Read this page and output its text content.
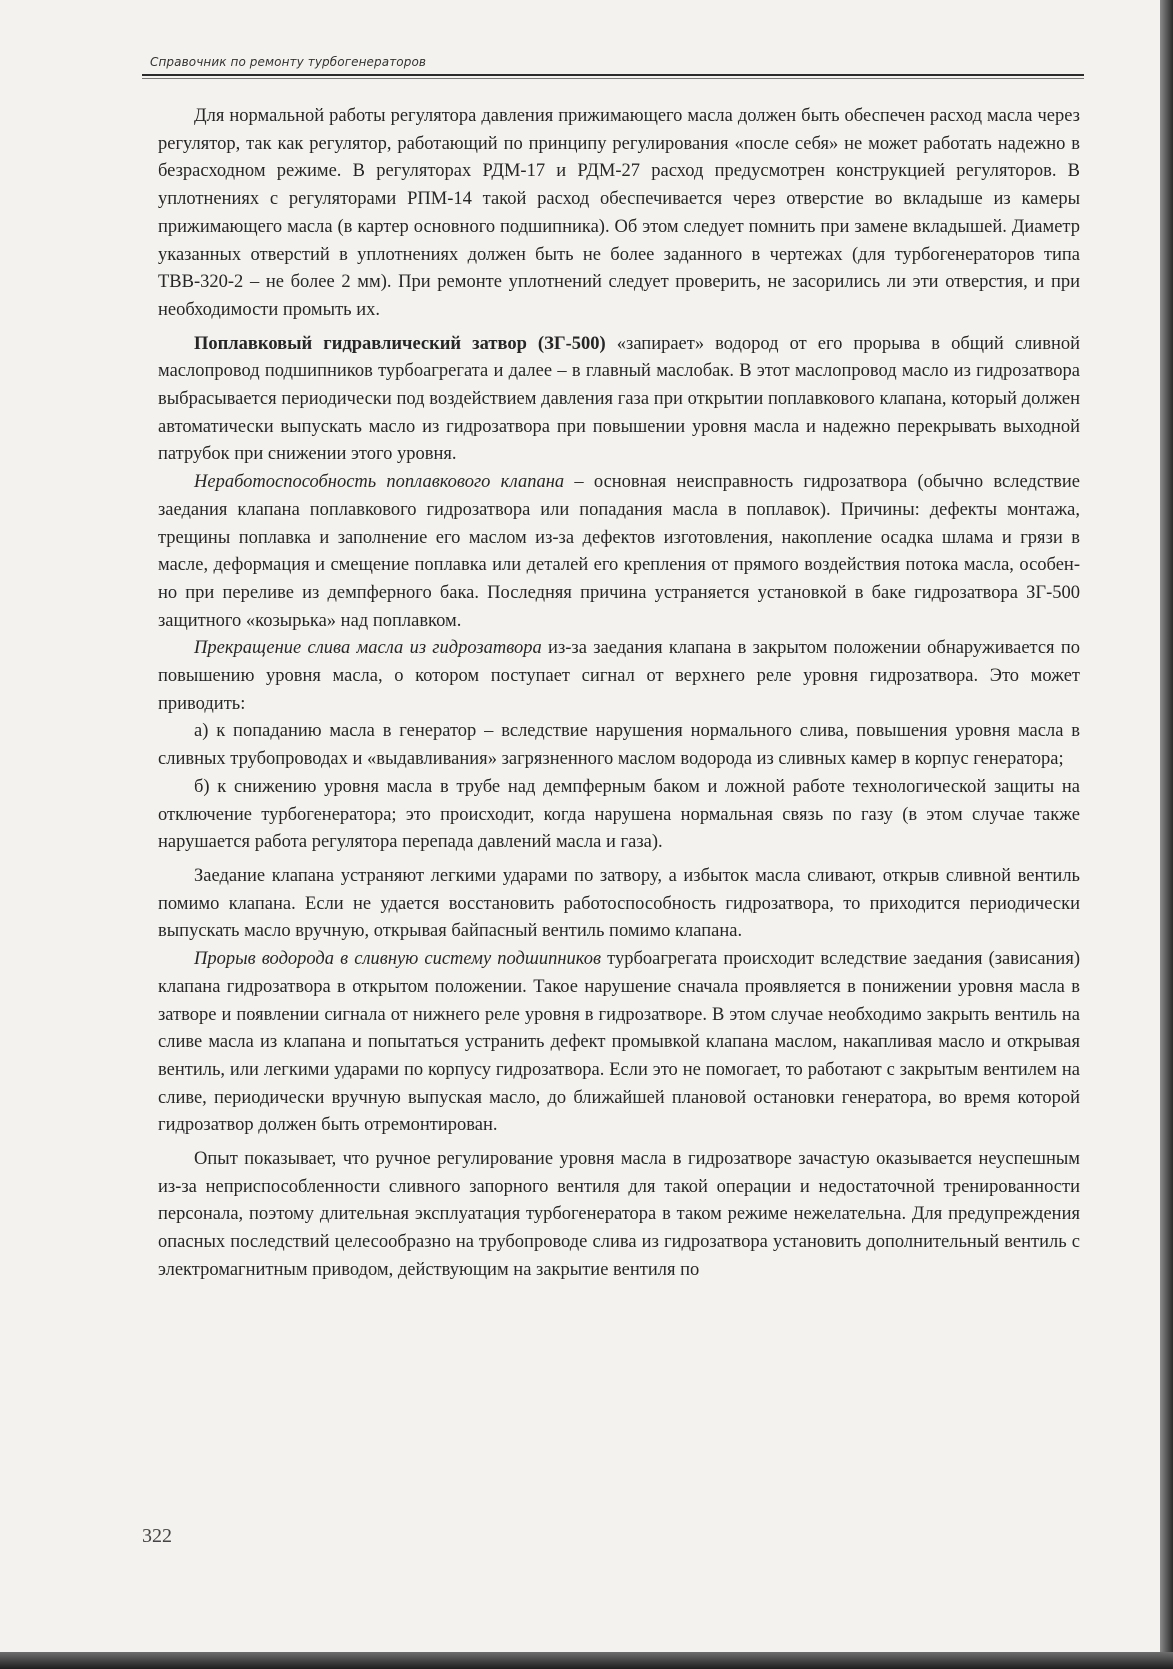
Справочник по ремонту турбогенераторов

Для нормальной работы регулятора давления прижимающего масла должен быть обеспечен расход масла через регулятор, так как регулятор, работающий по принципу регулирования «после себя» не может работать надежно в безрасходном режиме. В регуляторах РДМ-17 и РДМ-27 расход предусмотрен конструкцией регуляторов. В уплотнениях с регуляторами РПМ-14 такой расход обеспечивается через отверстие во вкладыше из камеры прижимающего масла (в картер основного подшипника). Об этом следует помнить при замене вкладышей. Диаметр указанных отверстий в уплотнениях должен быть не более заданного в чертежах (для турбогенераторов типа ТВВ-320-2 – не более 2 мм). При ремонте уплотнений следует проверить, не засорились ли эти отверстия, и при необходимости промыть их.

Поплавковый гидравлический затвор (ЗГ-500) «запирает» водород от его прорыва в общий сливной маслопровод подшипников турбоагрегата и далее – в главный маслобак. В этот маслопровод масло из гидрозатвора выбрасывается периодически под воздействием давления газа при открытии поплавкового клапана, который должен автоматически выпускать масло из гидрозатвора при повышении уровня масла и надежно перекрывать выходной патрубок при снижении этого уровня.

Неработоспособность поплавкового клапана – основная неисправность гидрозатвора (обычно вследствие заедания клапана поплавкового гидрозатвора или попадания масла в поплавок). Причины: дефекты монтажа, трещины поплавка и заполнение его маслом из-за дефектов изготовления, накопление осадка шлама и грязи в масле, деформация и смещение поплавка или деталей его крепления от прямого воздействия потока масла, особенно при переливе из демпферного бака. Последняя причина устраняется установкой в баке гидрозатвора ЗГ-500 защитного «козырька» над поплавком.

Прекращение слива масла из гидрозатвора из-за заедания клапана в закрытом положении обнаруживается по повышению уровня масла, о котором поступает сигнал от верхнего реле уровня гидрозатвора. Это может приводить:

а) к попаданию масла в генератор – вследствие нарушения нормального слива, повышения уровня масла в сливных трубопроводах и «выдавливания» загрязненного маслом водорода из сливных камер в корпус генератора;

б) к снижению уровня масла в трубе над демпферным баком и ложной работе технологической защиты на отключение турбогенератора; это происходит, когда нарушена нормальная связь по газу (в этом случае также нарушается работа регулятора перепада давлений масла и газа).

Заедание клапана устраняют легкими ударами по затвору, а избыток масла сливают, открыв сливной вентиль помимо клапана. Если не удается восстановить работоспособность гидрозатвора, то приходится периодически выпускать масло вручную, открывая байпасный вентиль помимо клапана.

Прорыв водорода в сливную систему подшипников турбоагрегата происходит вследствие заедания (зависания) клапана гидрозатвора в открытом положении. Такое нарушение сначала проявляется в понижении уровня масла в затворе и появлении сигнала от нижнего реле уровня в гидрозатворе. В этом случае необходимо закрыть вентиль на сливе масла из клапана и попытаться устранить дефект промывкой клапана маслом, накапливая масло и открывая вентиль, или легкими ударами по корпусу гидрозатвора. Если это не помогает, то работают с закрытым вентилем на сливе, периодически вручную выпуская масло, до ближайшей плановой остановки генератора, во время которой гидрозатвор должен быть отремонтирован.

Опыт показывает, что ручное регулирование уровня масла в гидрозатворе зачастую оказывается неуспешным из-за неприспособленности сливного запорного вентиля для такой операции и недостаточной тренированности персонала, поэтому длительная эксплуатация турбогенератора в таком режиме нежелательна. Для предупреждения опасных последствий целесообразно на трубопроводе слива из гидрозатвора установить дополнительный вентиль с электромагнитным приводом, действующим на закрытие вентиля по

322
